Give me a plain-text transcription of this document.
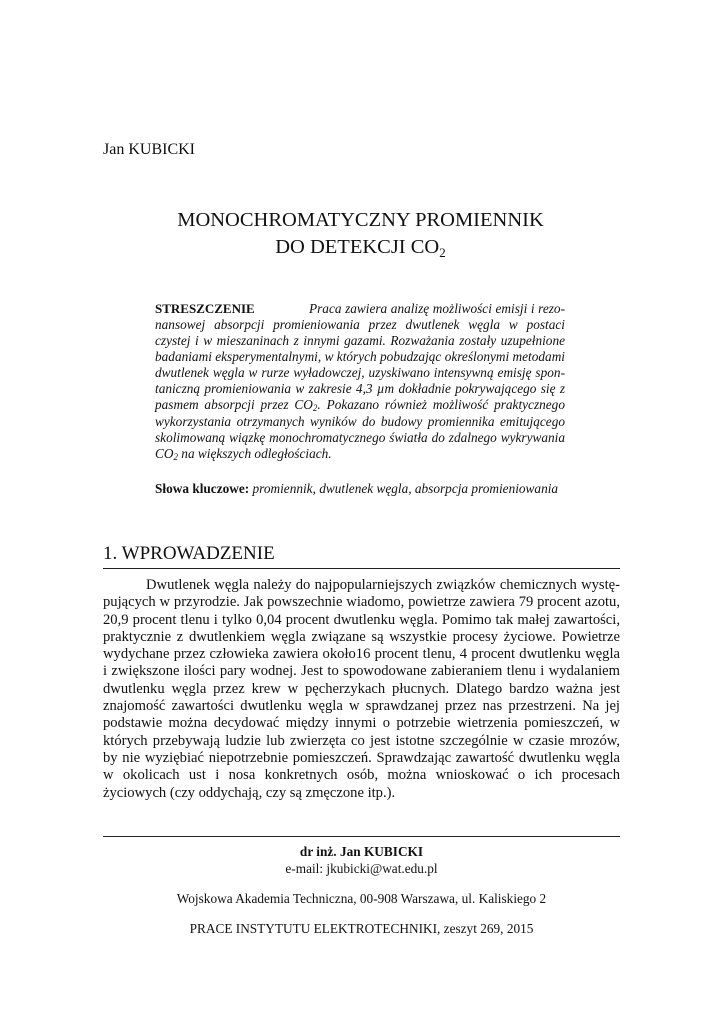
Jan KUBICKI

MONOCHROMATYCZNY PROMIENNIK
DO DETEKCJI $CO_2$

STRESZCZENIE	Praca zawiera analizę możliwości emisji i rezonansowej absorpcji promieniowania przez dwutlenek węgla w postaci czystej i w mieszaninach z innymi gazami. Rozważania zostały uzupełnione badaniami eksperymentalnymi, w których pobudzając określonymi metodami dwutlenek węgla w rurze wyładowczej, uzyskiwano intensywną emisję spontaniczną promieniowania w zakresie 4,3 µm dokładnie pokrywającego się z pasmem absorpcji przez $CO_2$. Pokazano również możliwość praktycznego wykorzystania otrzymanych wyników do budowy promiennika emitującego skolimowaną wiązkę monochromatycznego światła do zdalnego wykrywania $CO_2$ na większych odległościach.

Słowa kluczowe: promiennik, dwutlenek węgla, absorpcja promieniowania

1. WPROWADZENIE

Dwutlenek węgla należy do najpopularniejszych związków chemicznych występujących w przyrodzie. Jak powszechnie wiadomo, powietrze zawiera 79 procent azotu, 20,9 procent tlenu i tylko 0,04 procent dwutlenku węgla. Pomimo tak małej zawartości, praktycznie z dwutlenkiem węgla związane są wszystkie procesy życiowe. Powietrze wydychane przez człowieka zawiera około16 procent tlenu, 4 procent dwutlenku węgla i zwiększone ilości pary wodnej. Jest to spowodowane zabieraniem tlenu i wydalaniem dwutlenku węgla przez krew w pęcherzykach płucnych. Dlatego bardzo ważna jest znajomość zawartości dwutlenku węgla w sprawdzanej przez nas przestrzeni. Na jej podstawie można decydować między innymi o potrzebie wietrzenia pomieszczeń, w których przebywają ludzie lub zwierzęta co jest istotne szczególnie w czasie mrozów, by nie wyziębiać niepotrzebnie pomieszczeń. Sprawdzając zawartość dwutlenku węgla w okolicach ust i nosa konkretnych osób, można wnioskować o ich procesach życiowych (czy oddychają, czy są zmęczone itp.).

dr inż. Jan KUBICKI

e-mail: jkubicki@wat.edu.pl

Wojskowa Akademia Techniczna, 00-908 Warszawa, ul. Kaliskiego 2

PRACE INSTYTUTU ELEKTROTECHNIKI, zeszyt 269, 2015
